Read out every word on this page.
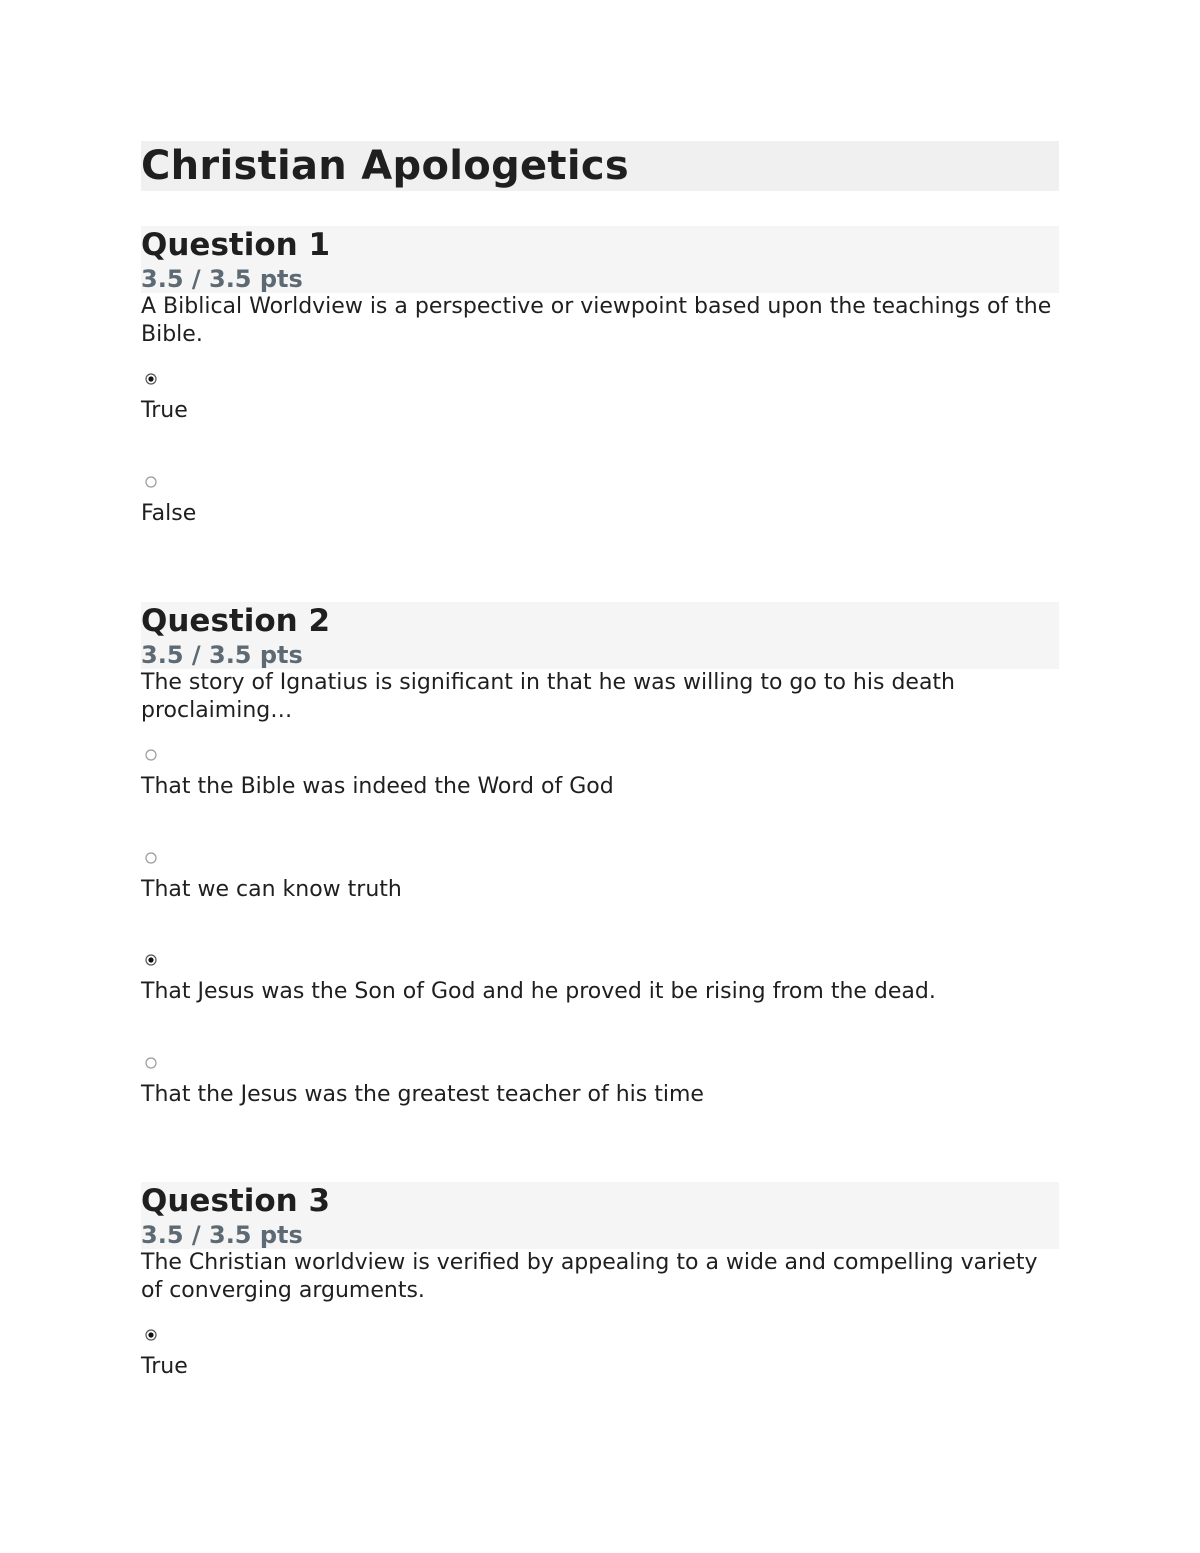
Christian Apologetics
Question 1
3.5 / 3.5 pts

A Biblical Worldview is a perspective or viewpoint based upon the teachings of the Bible.

True
False
Question 2
3.5 / 3.5 pts

The story of Ignatius is significant in that he was willing to go to his death proclaiming…

That the Bible was indeed the Word of God
That we can know truth
That Jesus was the Son of God and he proved it be rising from the dead.
That the Jesus was the greatest teacher of his time
Question 3
3.5 / 3.5 pts

The Christian worldview is verified by appealing to a wide and compelling variety of converging arguments.

True
